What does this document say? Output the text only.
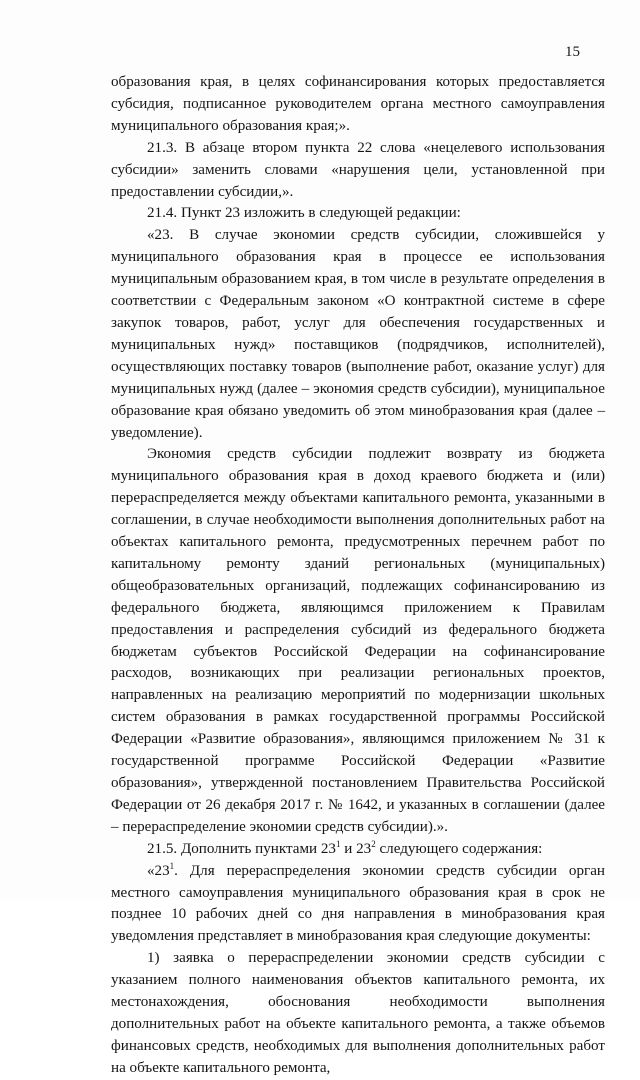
15

образования края, в целях софинансирования которых предоставляется субсидия, подписанное руководителем органа местного самоуправления муниципального образования края;».

21.3. В абзаце втором пункта 22 слова «нецелевого использования субсидии» заменить словами «нарушения цели, установленной при предоставлении субсидии,».

21.4. Пункт 23 изложить в следующей редакции:

«23. В случае экономии средств субсидии, сложившейся у муниципального образования края в процессе ее использования муниципальным образованием края, в том числе в результате определения в соответствии с Федеральным законом «О контрактной системе в сфере закупок товаров, работ, услуг для обеспечения государственных и муниципальных нужд» поставщиков (подрядчиков, исполнителей), осуществляющих поставку товаров (выполнение работ, оказание услуг) для муниципальных нужд (далее – экономия средств субсидии), муниципальное образование края обязано уведомить об этом минобразования края (далее – уведомление).

Экономия средств субсидии подлежит возврату из бюджета муниципального образования края в доход краевого бюджета и (или) перераспределяется между объектами капитального ремонта, указанными в соглашении, в случае необходимости выполнения дополнительных работ на объектах капитального ремонта, предусмотренных перечнем работ по капитальному ремонту зданий региональных (муниципальных) общеобразовательных организаций, подлежащих софинансированию из федерального бюджета, являющимся приложением к Правилам предоставления и распределения субсидий из федерального бюджета бюджетам субъектов Российской Федерации на софинансирование расходов, возникающих при реализации региональных проектов, направленных на реализацию мероприятий по модернизации школьных систем образования в рамках государственной программы Российской Федерации «Развитие образования», являющимся приложением № 31 к государственной программе Российской Федерации «Развитие образования», утвержденной постановлением Правительства Российской Федерации от 26 декабря 2017 г. № 1642, и указанных в соглашении (далее – перераспределение экономии средств субсидии).».

21.5. Дополнить пунктами $23^1$ и $23^2$ следующего содержания:

«$23^1$. Для перераспределения экономии средств субсидии орган местного самоуправления муниципального образования края в срок не позднее 10 рабочих дней со дня направления в минобразования края уведомления представляет в минобразования края следующие документы:

1) заявка о перераспределении экономии средств субсидии с указанием полного наименования объектов капитального ремонта, их местонахождения, обоснования необходимости выполнения дополнительных работ на объекте капитального ремонта, а также объемов финансовых средств, необходимых для выполнения дополнительных работ на объекте капитального ремонта,
